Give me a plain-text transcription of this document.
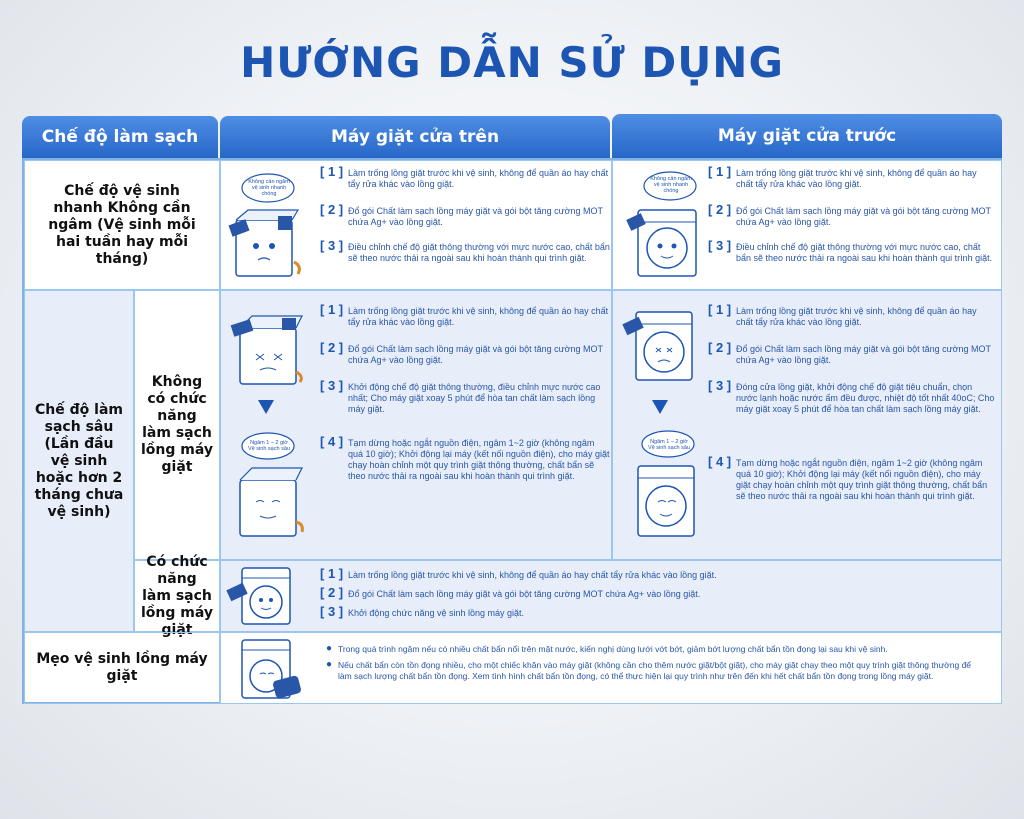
HƯỚNG DẪN SỬ DỤNG
Chế độ làm sạch	Máy giặt cửa trên	Máy giặt cửa trước
Chế độ vệ sinh nhanh Không cần ngâm (Vệ sinh mỗi hai tuần hay mỗi tháng)
Chế độ làm sạch sâu (Lần đầu vệ sinh hoặc hơn 2 tháng chưa vệ sinh)
Không có chức năng làm sạch lồng máy giặt
Có chức năng làm sạch lồng máy giặt
Mẹo vệ sinh lồng máy giặt
Không cần ngâm vệ sinh nhanh chóng
Không cần ngâm vệ sinh nhanh chóng
Ngâm 1 – 2 giờ Vệ sinh sạch sâu
Ngâm 1 – 2 giờ Vệ sinh sạch sâu
[ 1 ] Làm trống lồng giặt trước khi vệ sinh, không để quần áo hay chất tẩy rửa khác vào lồng giặt.
[ 2 ] Đổ gói Chất làm sạch lồng máy giặt và gói bột tăng cường MOT chứa Ag+ vào lồng giặt.
[ 3 ] Điều chỉnh chế độ giặt thông thường với mực nước cao, chất bẩn sẽ theo nước thải ra ngoài sau khi hoàn thành qui trình giặt.
[ 1 ] Làm trống lồng giặt trước khi vệ sinh, không để quần áo hay chất tẩy rửa khác vào lồng giặt.
[ 2 ] Đổ gói Chất làm sạch lồng máy giặt và gói bột tăng cường MOT chứa Ag+ vào lồng giặt.
[ 3 ] Điều chỉnh chế độ giặt thông thường với mực nước cao, chất bẩn sẽ theo nước thải ra ngoài sau khi hoàn thành qui trình giặt.
[ 1 ] Làm trống lồng giặt trước khi vệ sinh, không để quần áo hay chất tẩy rửa khác vào lồng giặt.
[ 2 ] Đổ gói Chất làm sạch lồng máy giặt và gói bột tăng cường MOT chứa Ag+ vào lồng giặt.
[ 3 ] Khởi động chế độ giặt thông thường, điều chỉnh mực nước cao nhất; Cho máy giặt xoay 5 phút để hòa tan chất làm sạch lồng máy giặt.
[ 4 ] Tạm dừng hoặc ngắt nguồn điện, ngâm 1~2 giờ (không ngâm quá 10 giờ); Khởi động lại máy (kết nối nguồn điện), cho máy giặt chạy hoàn chỉnh một quy trình giặt thông thường, chất bẩn sẽ theo nước thải ra ngoài sau khi hoàn thành qui trình giặt.
[ 1 ] Làm trống lồng giặt trước khi vệ sinh, không để quần áo hay chất tẩy rửa khác vào lồng giặt.
[ 2 ] Đổ gói Chất làm sạch lồng máy giặt và gói bột tăng cường MOT chứa Ag+ vào lồng giặt.
[ 3 ] Đóng cửa lồng giặt, khởi động chế độ giặt tiêu chuẩn, chọn nước lạnh hoặc nước ấm đều được, nhiệt độ tốt nhất 40oC; Cho máy giặt xoay 5 phút để hòa tan chất làm sạch lồng máy giặt.
[ 4 ] Tạm dừng hoặc ngắt nguồn điện, ngâm 1~2 giờ (không ngâm quá 10 giờ); Khởi động lại máy (kết nối nguồn điện), cho máy giặt chạy hoàn chỉnh một quy trình giặt thông thường, chất bẩn sẽ theo nước thải ra ngoài sau khi hoàn thành qui trình giặt.
[ 1 ] Làm trống lồng giặt trước khi vệ sinh, không để quần áo hay chất tẩy rửa khác vào lồng giặt.
[ 2 ] Đổ gói Chất làm sạch lồng máy giặt và gói bột tăng cường MOT chứa Ag+ vào lồng giặt.
[ 3 ] Khởi động chức năng vệ sinh lồng máy giặt.
● Trong quá trình ngâm nếu có nhiều chất bẩn nổi trên mặt nước, kiến nghị dùng lưới vớt bớt, giảm bớt lượng chất bẩn tồn đọng lại sau khi vệ sinh.
● Nếu chất bẩn còn tồn đọng nhiều, cho một chiếc khăn vào máy giặt (không cần cho thêm nước giặt/bột giặt), cho máy giặt chạy theo một quy trình giặt thông thường để làm sạch lượng chất bẩn tồn đọng. Xem tình hình chất bẩn tồn đọng, có thể thực hiện lại quy trình như trên đến khi hết chất bẩn tồn đọng trong lồng máy giặt.
